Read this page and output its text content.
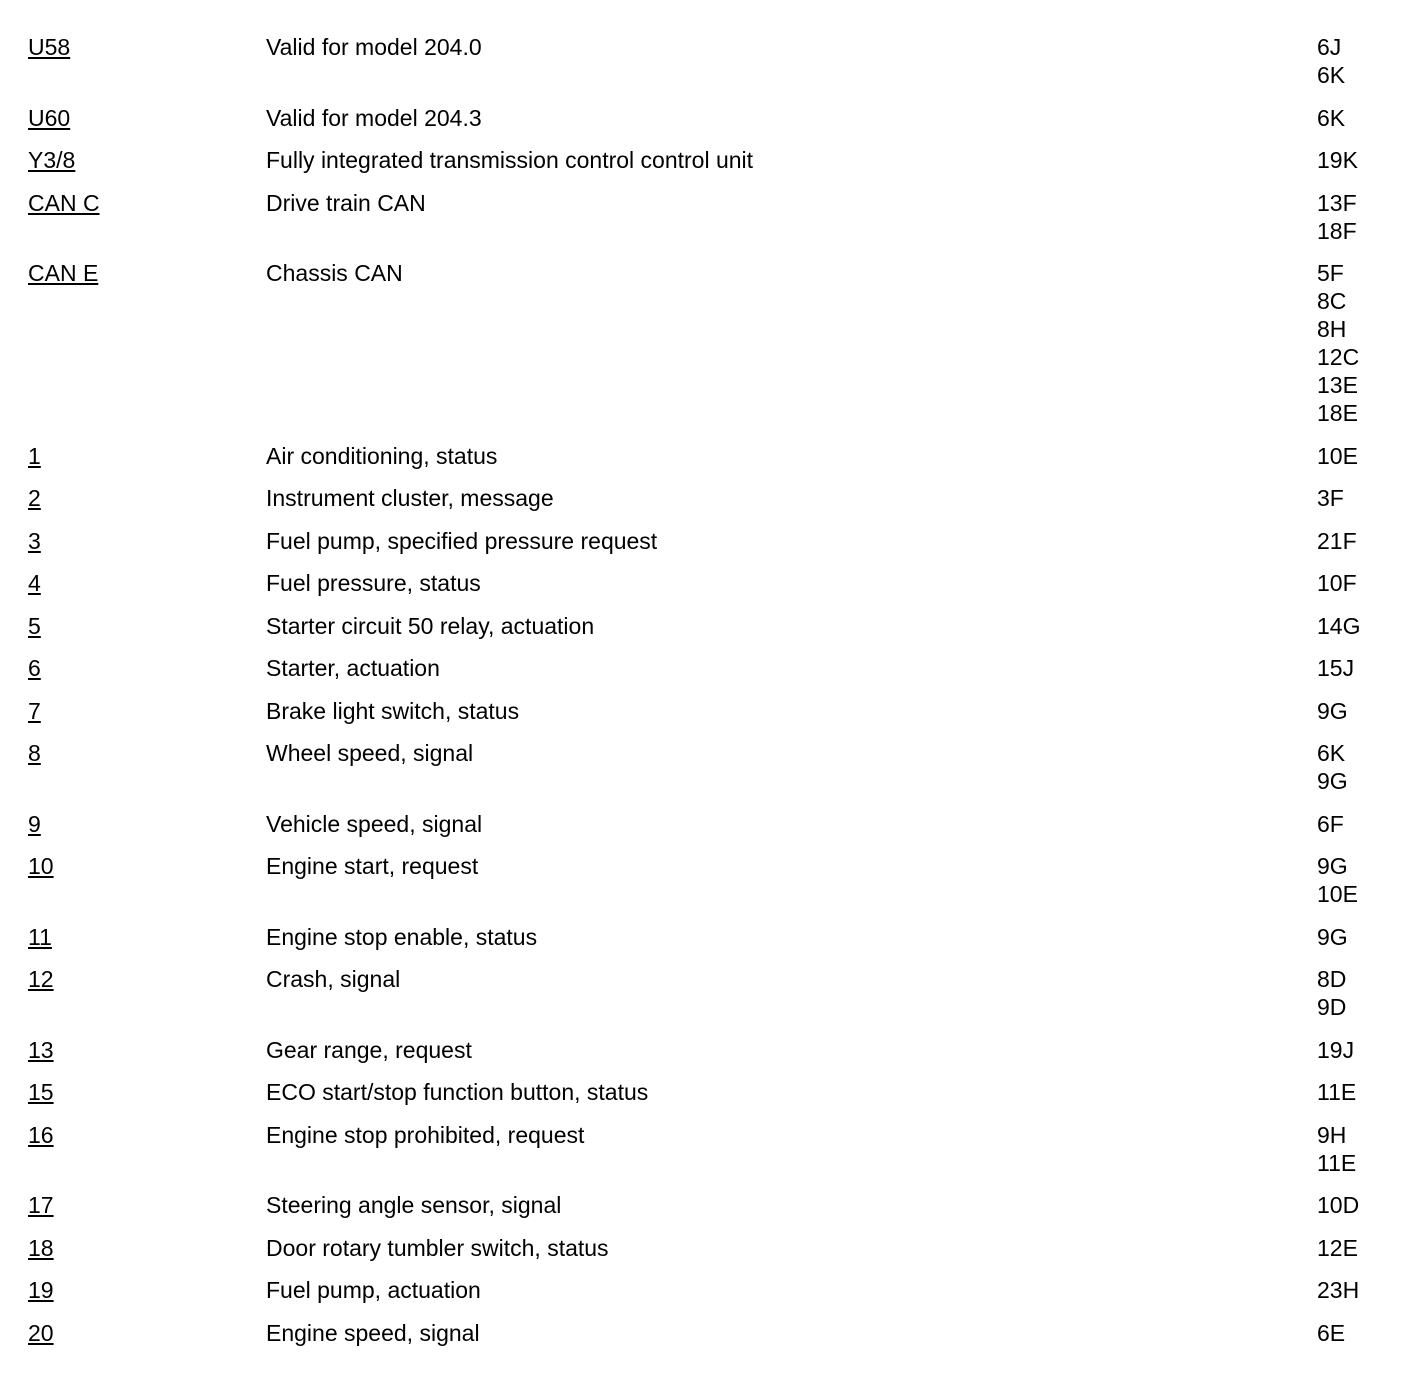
U58	Valid for model 204.0	6J
6K
U60	Valid for model 204.3	6K
Y3/8	Fully integrated transmission control control unit	19K
CAN C	Drive train CAN	13F
18F
CAN E	Chassis CAN	5F
8C
8H
12C
13E
18E
1	Air conditioning, status	10E
2	Instrument cluster, message	3F
3	Fuel pump, specified pressure request	21F
4	Fuel pressure, status	10F
5	Starter circuit 50 relay, actuation	14G
6	Starter, actuation	15J
7	Brake light switch, status	9G
8	Wheel speed, signal	6K
9G
9	Vehicle speed, signal	6F
10	Engine start, request	9G
10E
11	Engine stop enable, status	9G
12	Crash, signal	8D
9D
13	Gear range, request	19J
15	ECO start/stop function button, status	11E
16	Engine stop prohibited, request	9H
11E
17	Steering angle sensor, signal	10D
18	Door rotary tumbler switch, status	12E
19	Fuel pump, actuation	23H
20	Engine speed, signal	6E
